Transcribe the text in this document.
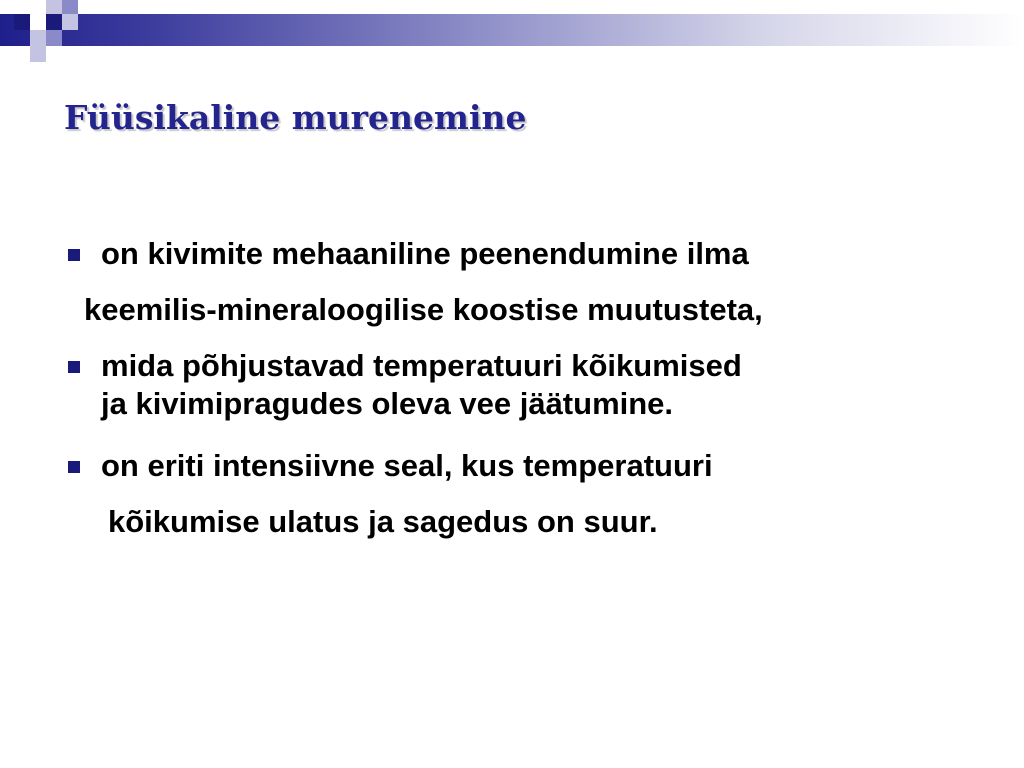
Füüsikaline murenemine
on kivimite mehaaniline peenendumine ilma
keemilis-mineraloogilise koostise muutusteta,
mida põhjustavad temperatuuri kõikumised
ja kivimipragudes oleva vee jäätumine.
on eriti intensiivne seal, kus temperatuuri
kõikumise ulatus ja sagedus on suur.
